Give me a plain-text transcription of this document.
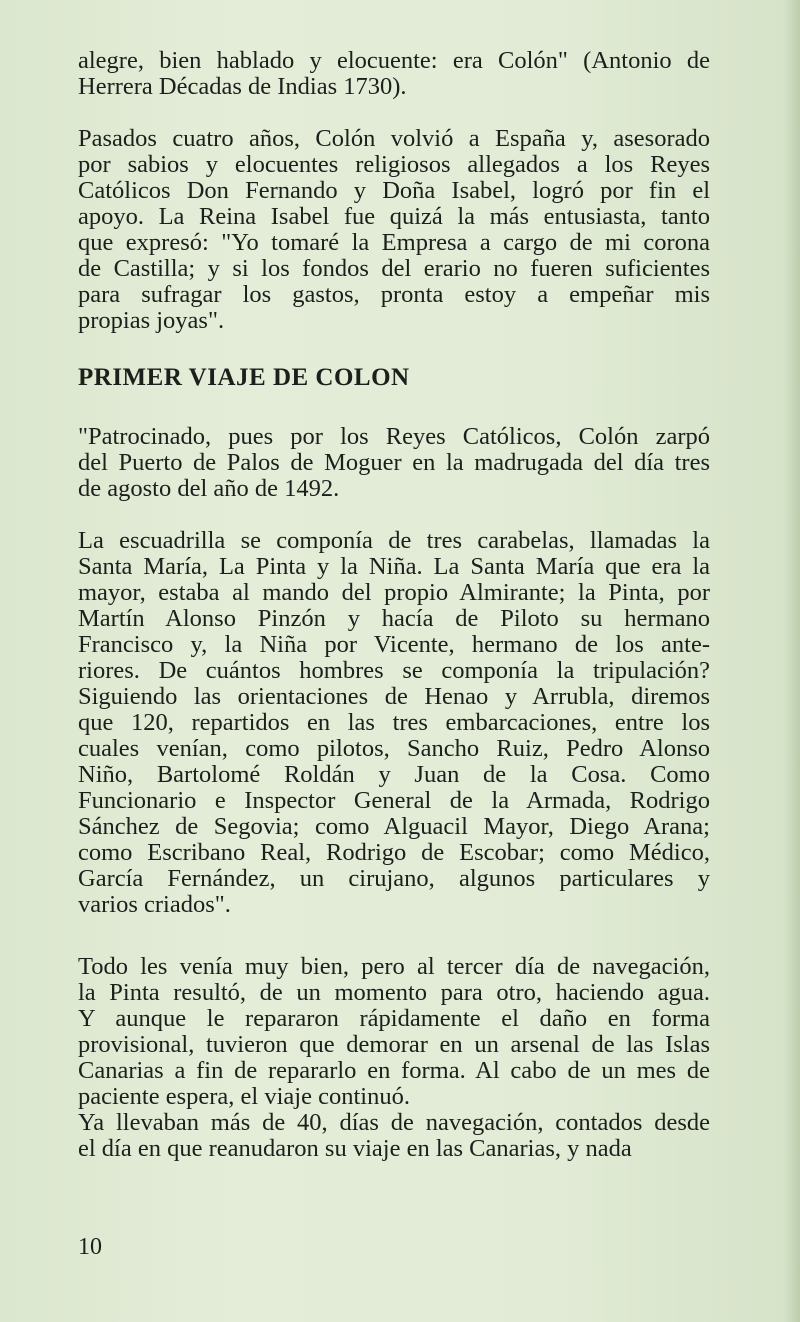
alegre, bien hablado y elocuente: era Colón" (Antonio de
Herrera Décadas de Indias 1730).
Pasados cuatro años, Colón volvió a España y, asesorado
por sabios y elocuentes religiosos allegados a los Reyes
Católicos Don Fernando y Doña Isabel, logró por fin el
apoyo. La Reina Isabel fue quizá la más entusiasta, tanto
que expresó: "Yo tomaré la Empresa a cargo de mi corona
de Castilla; y si los fondos del erario no fueren suficientes
para sufragar los gastos, pronta estoy a empeñar mis
propias joyas".
PRIMER VIAJE DE COLON
"Patrocinado, pues por los Reyes Católicos, Colón zarpó
del Puerto de Palos de Moguer en la madrugada del día tres
de agosto del año de 1492.
La escuadrilla se componía de tres carabelas, llamadas la
Santa María, La Pinta y la Niña. La Santa María que era la
mayor, estaba al mando del propio Almirante; la Pinta, por
Martín Alonso Pinzón y hacía de Piloto su hermano
Francisco y, la Niña por Vicente, hermano de los ante-
riores. De cuántos hombres se componía la tripulación?
Siguiendo las orientaciones de Henao y Arrubla, diremos
que 120, repartidos en las tres embarcaciones, entre los
cuales venían, como pilotos, Sancho Ruiz, Pedro Alonso
Niño, Bartolomé Roldán y Juan de la Cosa. Como
Funcionario e Inspector General de la Armada, Rodrigo
Sánchez de Segovia; como Alguacil Mayor, Diego Arana;
como Escribano Real, Rodrigo de Escobar; como Médico,
García Fernández, un cirujano, algunos particulares y
varios criados".
Todo les venía muy bien, pero al tercer día de navegación,
la Pinta resultó, de un momento para otro, haciendo agua.
Y aunque le repararon rápidamente el daño en forma
provisional, tuvieron que demorar en un arsenal de las Islas
Canarias a fin de repararlo en forma. Al cabo de un mes de
paciente espera, el viaje continuó.
Ya llevaban más de 40, días de navegación, contados desde
el día en que reanudaron su viaje en las Canarias, y nada

10
